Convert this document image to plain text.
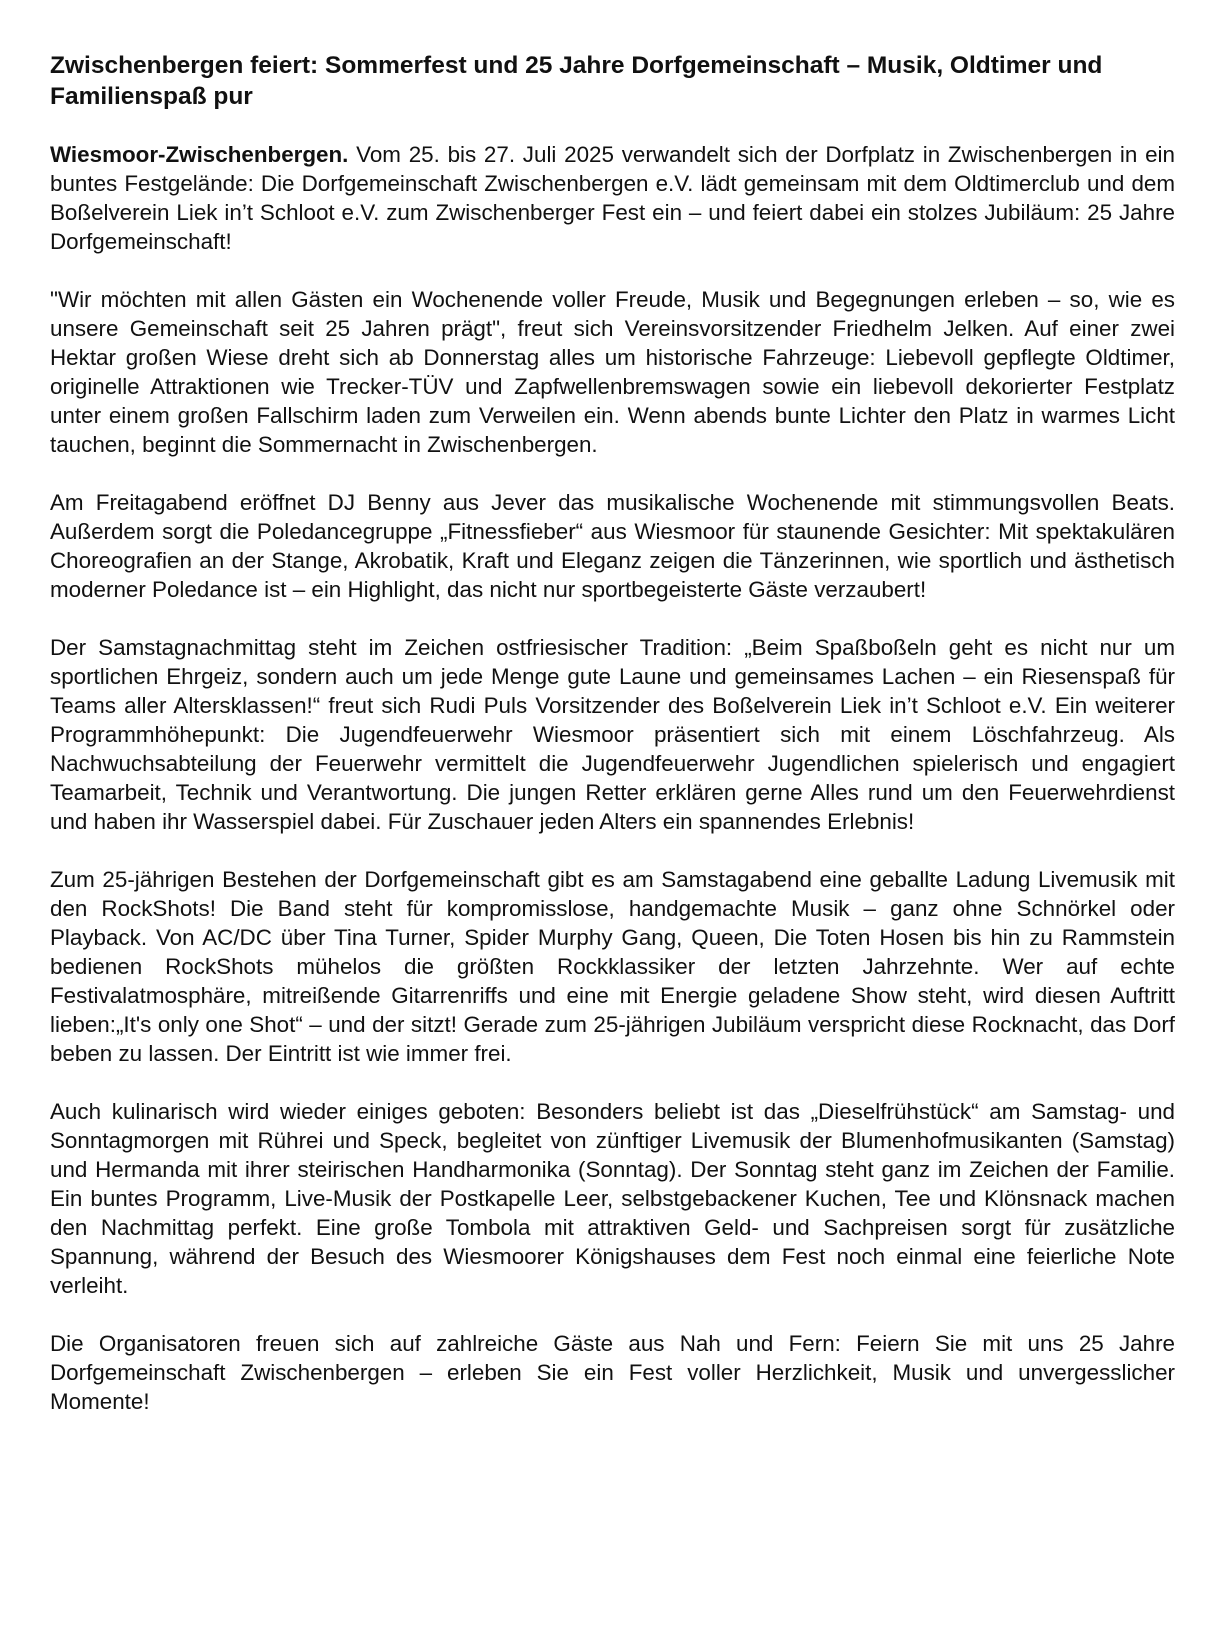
Zwischenbergen feiert: Sommerfest und 25 Jahre Dorfgemeinschaft – Musik, Oldtimer und Familienspaß pur

Wiesmoor-Zwischenbergen. Vom 25. bis 27. Juli 2025 verwandelt sich der Dorfplatz in Zwischenbergen in ein buntes Festgelände: Die Dorfgemeinschaft Zwischenbergen e.V. lädt gemeinsam mit dem Oldtimerclub und dem Boßelverein Liek in’t Schloot e.V. zum Zwischenberger Fest ein – und feiert dabei ein stolzes Jubiläum: 25 Jahre Dorfgemeinschaft!

"Wir möchten mit allen Gästen ein Wochenende voller Freude, Musik und Begegnungen erleben – so, wie es unsere Gemeinschaft seit 25 Jahren prägt", freut sich Vereinsvorsitzender Friedhelm Jelken. Auf einer zwei Hektar großen Wiese dreht sich ab Donnerstag alles um historische Fahrzeuge: Liebevoll gepflegte Oldtimer, originelle Attraktionen wie Trecker-TÜV und Zapfwellenbremswagen sowie ein liebevoll dekorierter Festplatz unter einem großen Fallschirm laden zum Verweilen ein. Wenn abends bunte Lichter den Platz in warmes Licht tauchen, beginnt die Sommernacht in Zwischenbergen.

Am Freitagabend eröffnet DJ Benny aus Jever das musikalische Wochenende mit stimmungsvollen Beats. Außerdem sorgt die Poledancegruppe „Fitnessfieber“ aus Wiesmoor für staunende Gesichter: Mit spektakulären Choreografien an der Stange, Akrobatik, Kraft und Eleganz zeigen die Tänzerinnen, wie sportlich und ästhetisch moderner Poledance ist – ein Highlight, das nicht nur sportbegeisterte Gäste verzaubert!

Der Samstagnachmittag steht im Zeichen ostfriesischer Tradition: „Beim Spaßboßeln geht es nicht nur um sportlichen Ehrgeiz, sondern auch um jede Menge gute Laune und gemeinsames Lachen – ein Riesenspaß für Teams aller Altersklassen!“ freut sich Rudi Puls Vorsitzender des Boßelverein Liek in’t Schloot e.V. Ein weiterer Programmhöhepunkt: Die Jugendfeuerwehr Wiesmoor präsentiert sich mit einem Löschfahrzeug. Als Nachwuchsabteilung der Feuerwehr vermittelt die Jugendfeuerwehr Jugendlichen spielerisch und engagiert Teamarbeit, Technik und Verantwortung. Die jungen Retter erklären gerne Alles rund um den Feuerwehrdienst und haben ihr Wasserspiel dabei. Für Zuschauer jeden Alters ein spannendes Erlebnis!

Zum 25-jährigen Bestehen der Dorfgemeinschaft gibt es am Samstagabend eine geballte Ladung Livemusik mit den RockShots! Die Band steht für kompromisslose, handgemachte Musik – ganz ohne Schnörkel oder Playback. Von AC/DC über Tina Turner, Spider Murphy Gang, Queen, Die Toten Hosen bis hin zu Rammstein bedienen RockShots mühelos die größten Rockklassiker der letzten Jahrzehnte. Wer auf echte Festivalatmosphäre, mitreißende Gitarrenriffs und eine mit Energie geladene Show steht, wird diesen Auftritt lieben:„It's only one Shot“ – und der sitzt! Gerade zum 25-jährigen Jubiläum verspricht diese Rocknacht, das Dorf beben zu lassen. Der Eintritt ist wie immer frei.

Auch kulinarisch wird wieder einiges geboten: Besonders beliebt ist das „Dieselfrühstück“ am Samstag- und Sonntagmorgen mit Rührei und Speck, begleitet von zünftiger Livemusik der Blumenhofmusikanten (Samstag) und Hermanda mit ihrer steirischen Handharmonika (Sonntag). Der Sonntag steht ganz im Zeichen der Familie. Ein buntes Programm, Live-Musik der Postkapelle Leer, selbstgebackener Kuchen, Tee und Klönsnack machen den Nachmittag perfekt. Eine große Tombola mit attraktiven Geld- und Sachpreisen sorgt für zusätzliche Spannung, während der Besuch des Wiesmoorer Königshauses dem Fest noch einmal eine feierliche Note verleiht.

Die Organisatoren freuen sich auf zahlreiche Gäste aus Nah und Fern: Feiern Sie mit uns 25 Jahre Dorfgemeinschaft Zwischenbergen – erleben Sie ein Fest voller Herzlichkeit, Musik und unvergesslicher Momente!
